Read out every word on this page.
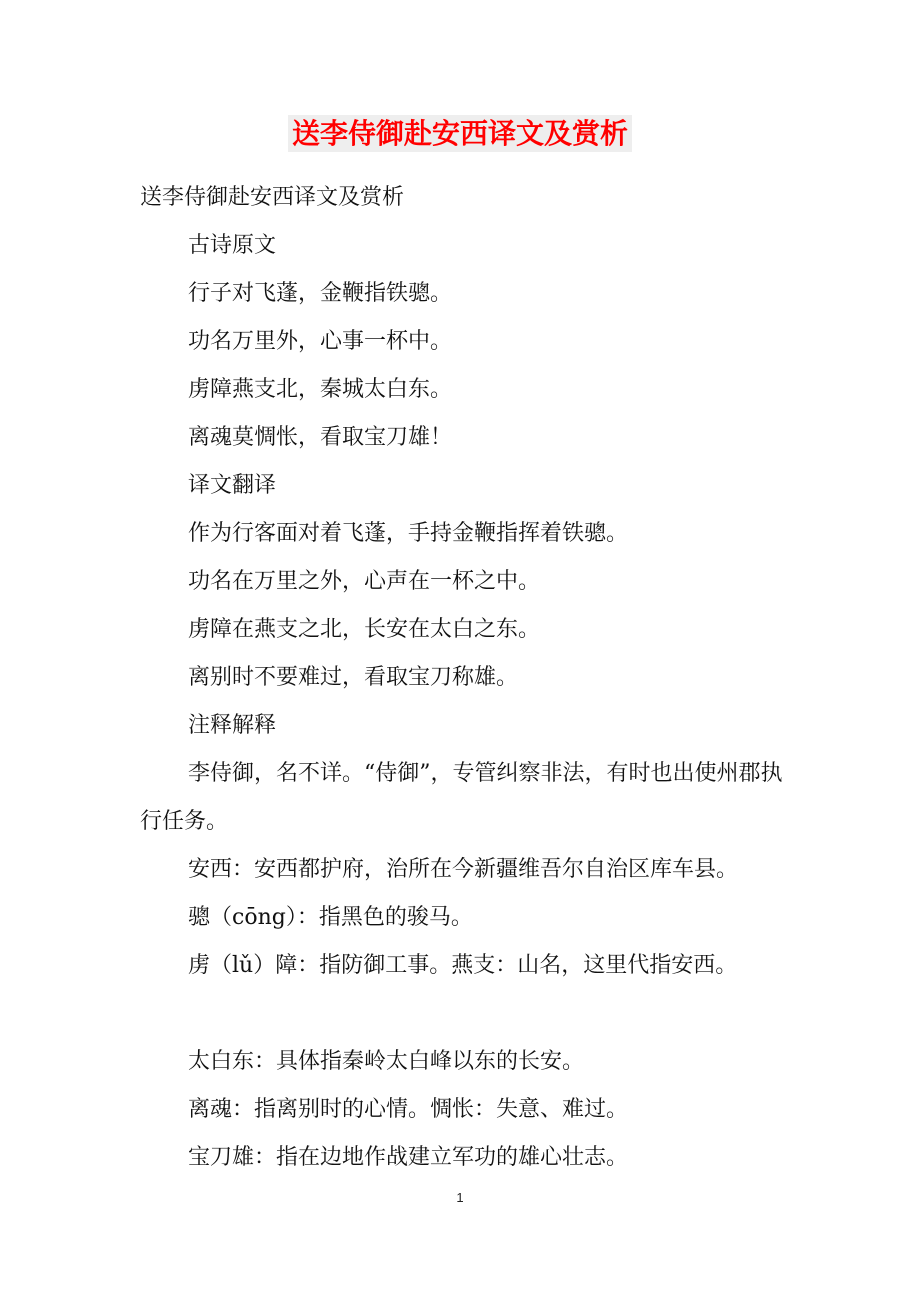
送李侍御赴安西译文及赏析
送李侍御赴安西译文及赏析
古诗原文
行子对飞蓬，金鞭指铁骢。
功名万里外，心事一杯中。
虏障燕支北，秦城太白东。
离魂莫惆怅，看取宝刀雄！
译文翻译
作为行客面对着飞蓬，手持金鞭指挥着铁骢。
功名在万里之外，心声在一杯之中。
虏障在燕支之北，长安在太白之东。
离别时不要难过，看取宝刀称雄。
注释解释
李侍御，名不详。“侍御”，专管纠察非法，有时也出使州郡执行任务。
安西：安西都护府，治所在今新疆维吾尔自治区库车县。
骢（cōng）：指黑色的骏马。
虏（lǔ）障：指防御工事。燕支：山名，这里代指安西。
太白东：具体指秦岭太白峰以东的长安。
离魂：指离别时的心情。惆怅：失意、难过。
宝刀雄：指在边地作战建立军功的雄心壮志。
1
